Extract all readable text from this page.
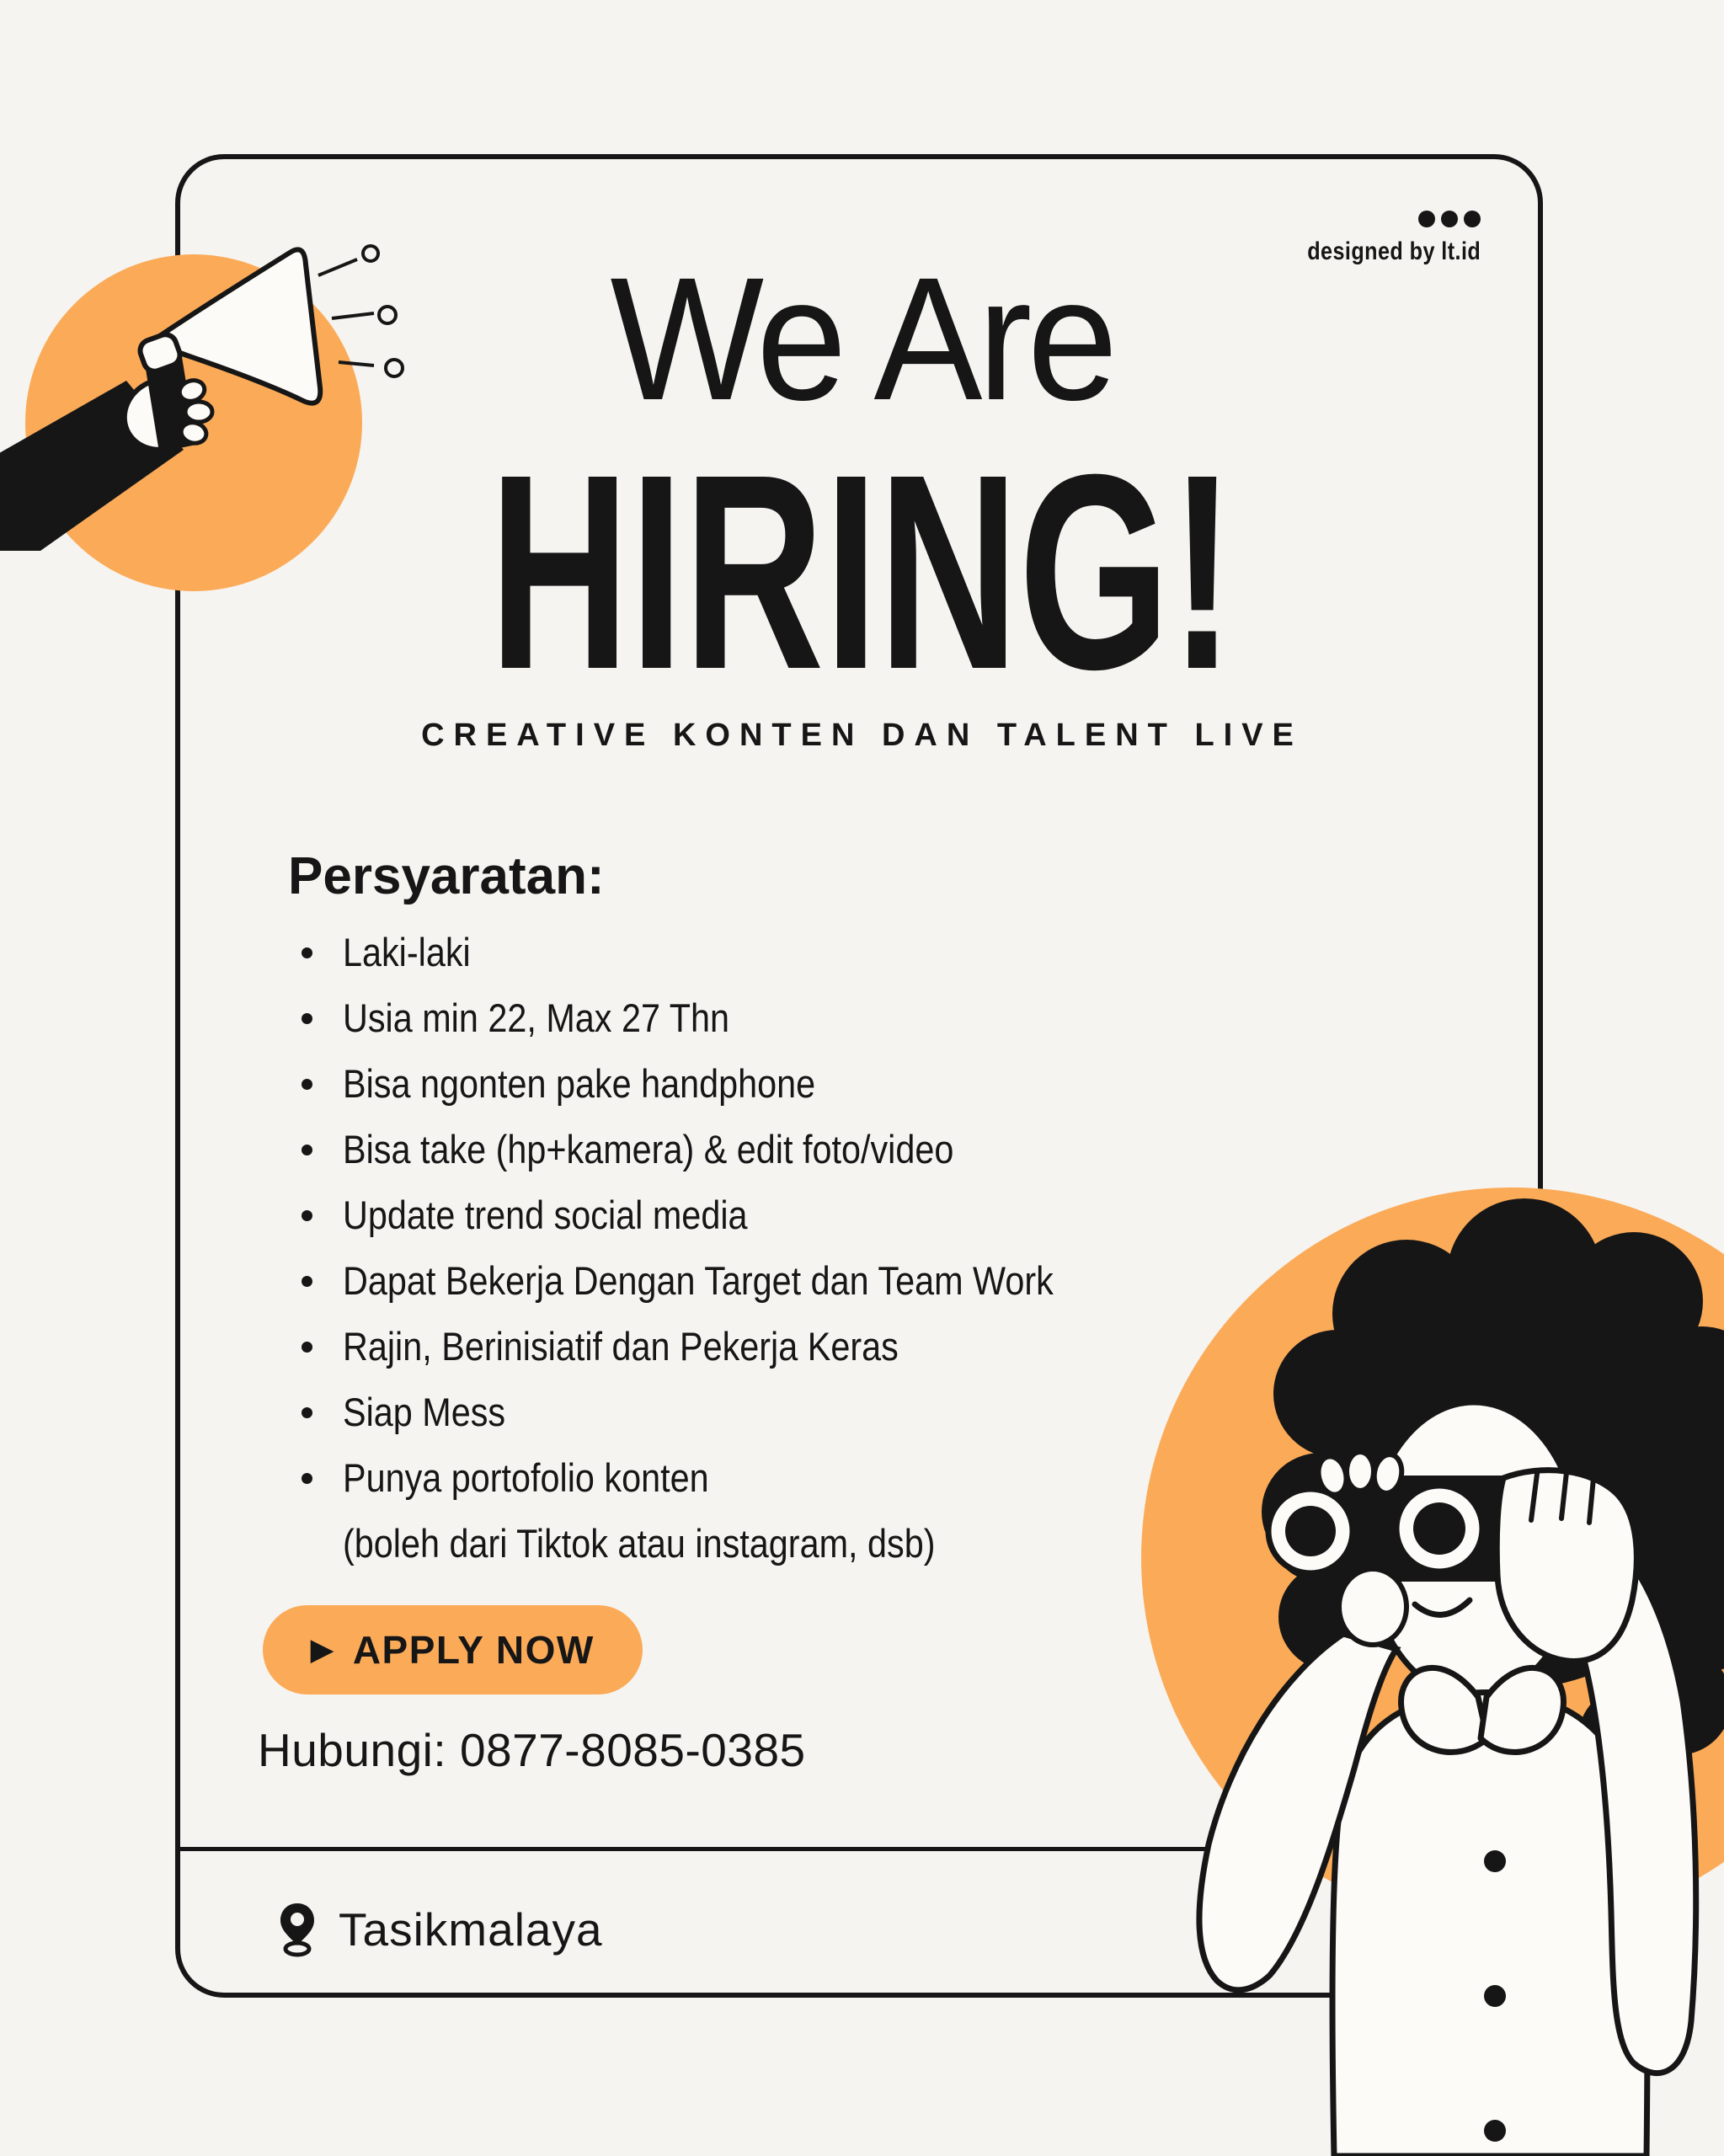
designed by lt.id
We Are
HIRING!
CREATIVE KONTEN DAN TALENT LIVE
Persyaratan:
Laki-laki
Usia min 22, Max 27 Thn
Bisa ngonten pake handphone
Bisa take (hp+kamera) & edit foto/video
Update trend social media
Dapat Bekerja Dengan Target dan Team Work
Rajin, Berinisiatif dan Pekerja Keras
Siap Mess
Punya portofolio konten
(boleh dari Tiktok atau instagram, dsb)
▶ APPLY NOW
Hubungi: 0877-8085-0385
Tasikmalaya
